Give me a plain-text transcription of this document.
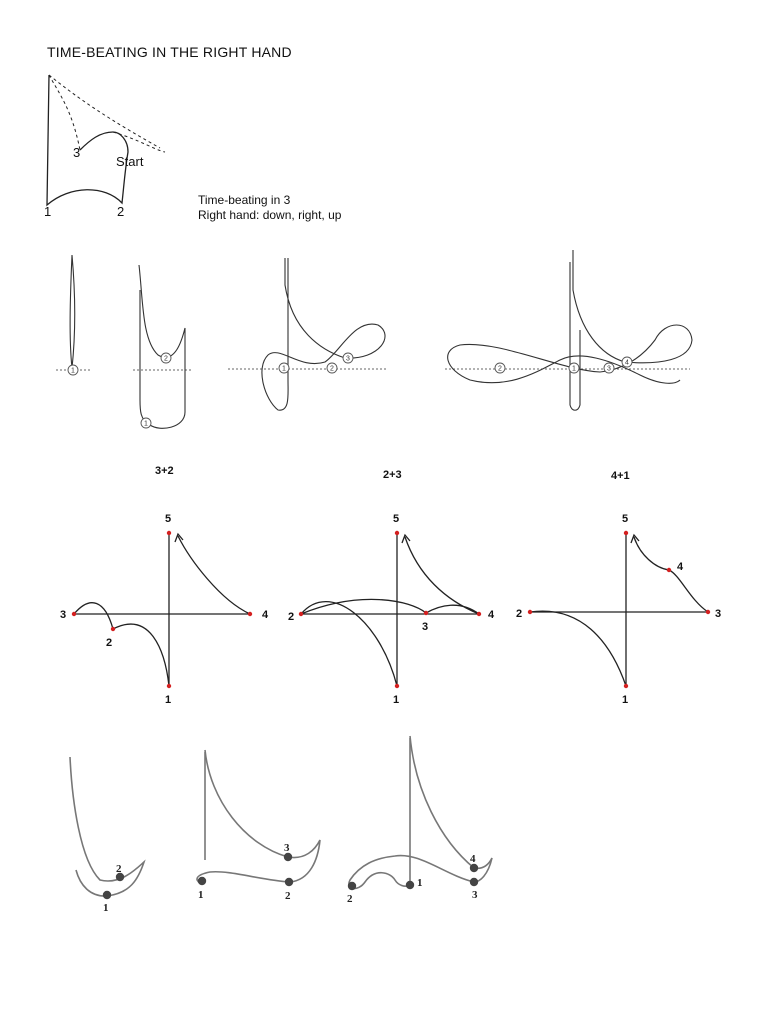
TIME-BEATING IN THE RIGHT HAND
Time-beating in 3
Right hand: down, right, up
Start
1	2
3
1
2
1
1	2
3
2	1	3
4
3+2
5
3	4
2
1
2+3
5
2	4
3
1
4+1
5
2	3
4
1
2
1
3
2
1
4
3
2
1
